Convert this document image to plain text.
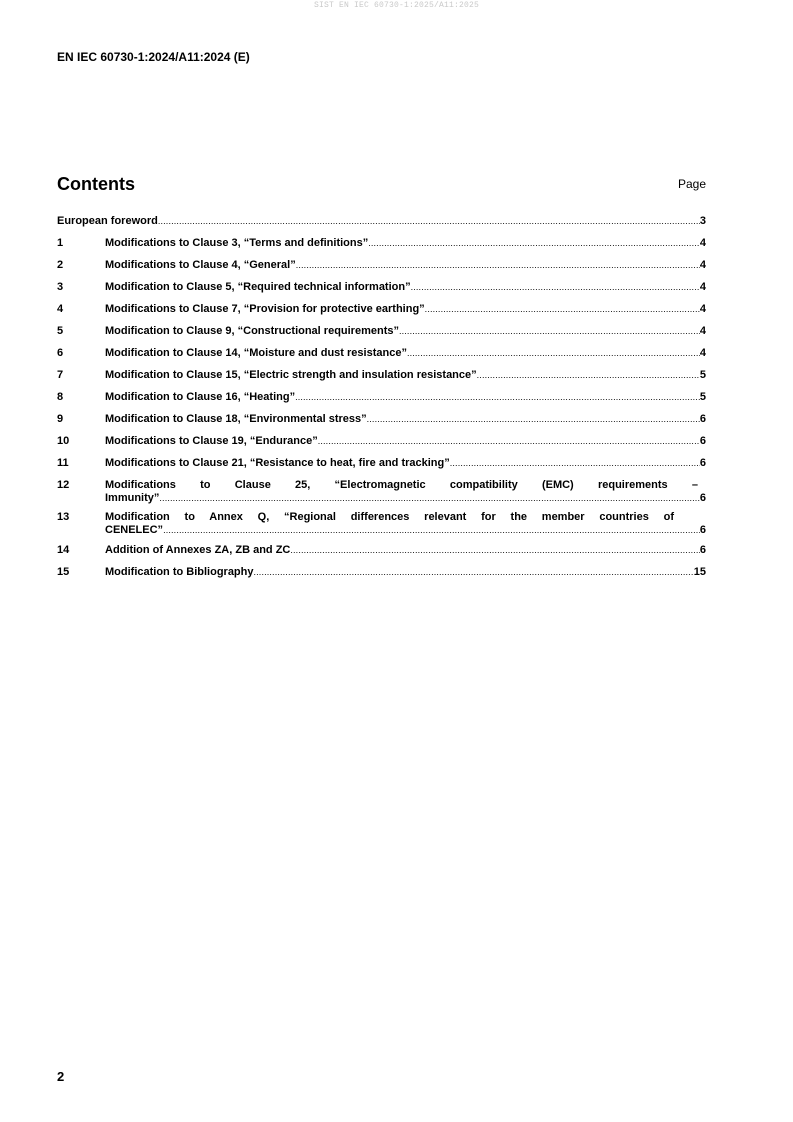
SIST EN IEC 60730-1:2025/A11:2025
EN IEC 60730-1:2024/A11:2024 (E)
Contents	Page
European foreword .....	3
1	Modifications to Clause 3, “Terms and definitions” .....	4
2	Modifications to Clause 4, “General” .....	4
3	Modification to Clause 5, “Required technical information” .....	4
4	Modifications to Clause 7, “Provision for protective earthing” .....	4
5	Modification to Clause 9, “Constructional requirements” .....	4
6	Modification to Clause 14, “Moisture and dust resistance” .....	4
7	Modification to Clause 15, “Electric strength and insulation resistance” .....	5
8	Modification to Clause 16, “Heating” .....	5
9	Modification to Clause 18, “Environmental stress” .....	6
10	Modifications to Clause 19, “Endurance” .....	6
11	Modifications to Clause 21, “Resistance to heat, fire and tracking” .....	6
12	Modifications to Clause 25, “Electromagnetic compatibility (EMC) requirements –
Immunity” .....	6
13	Modification to Annex Q, “Regional differences relevant for the member countries of
CENELEC” .....	6
14	Addition of Annexes ZA, ZB and ZC .....	6
15	Modification to Bibliography .....	15
2
